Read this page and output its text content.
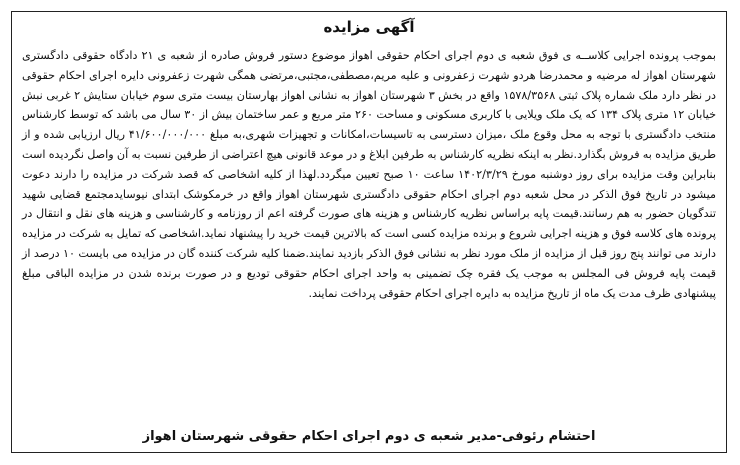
آگهی مزایده
بموجب پرونده اجرایی کلاســه ی فوق شعبه ی دوم اجرای احکام حقوقی اهواز موضوع دستور فروش صادره از شعبه ی ۲۱ دادگاه حقوقی دادگستری شهرستان اهواز له مرضیه و محمدرضا هردو شهرت زعفرونی و علیه مریم،مصطفی،مجتبی،مرتضی همگی شهرت زعفرونی دایره اجرای احکام حقوقی در نظر دارد ملک شماره پلاک ثبتی ۱۵۷۸/۳۵۶۸ واقع در بخش ۳ شهرستان اهواز به نشانی اهواز بهارستان بیست متری سوم خیابان ستایش ۲ غربی نبش خیابان ۱۲ متری پلاک ۱۳۴ که یک ملک ویلایی با کاربری مسکونی و مساحت ۲۶۰ متر مربع و عمر ساختمان بیش از ۳۰ سال می باشد که توسط کارشناس منتخب دادگستری با توجه به محل وقوع ملک ،میزان دسترسی به تاسیسات،امکانات و تجهیزات شهری،به مبلغ ۴۱/۶۰۰/۰۰۰/۰۰۰ ریال ارزیابی شده و از طریق مزایده به فروش بگذارد.نظر به اینکه نظریه کارشناس به طرفین ابلاغ و در موعد قانونی هیچ اعتراضی از طرفین نسبت به آن واصل نگردیده است بنابراین وقت مزایده برای روز دوشنبه مورخ ۱۴۰۲/۳/۲۹ ساعت ۱۰ صبح تعیین میگردد.لهذا از کلیه اشخاصی که قصد شرکت در مزایده را دارند دعوت میشود در تاریخ فوق الذکر در محل شعبه دوم اجرای احکام حقوقی دادگستری شهرستان اهواز واقع در خرمکوشک ابتدای نیوسایدمجتمع قضایی شهید تندگویان حضور به هم رسانند.قیمت پایه براساس نظریه کارشناس و هزینه های صورت گرفته اعم از روزنامه و کارشناسی و هزینه های نقل و انتقال در پرونده های کلاسه فوق و هزینه اجرایی شروع و برنده مزایده کسی است که بالاترین قیمت خرید را پیشنهاد نماید.اشخاصی که تمایل به شرکت در مزایده دارند می توانند پنج روز قبل از مزایده از ملک مورد نظر به نشانی فوق الذکر بازدید نمایند.ضمنا کلیه شرکت کننده گان در مزایده می بایست ۱۰ درصد از قیمت پایه فروش فی المجلس به موجب یک فقره چک تضمینی به واحد اجرای احکام حقوقی تودیع و در صورت برنده شدن در مزایده الباقی مبلغ پیشنهادی ظرف مدت یک ماه از تاریخ مزایده به دایره اجرای احکام حقوقی پرداخت نمایند.
احتشام رئوفی-مدیر شعبه ی دوم اجرای احکام حقوقی شهرستان اهواز
